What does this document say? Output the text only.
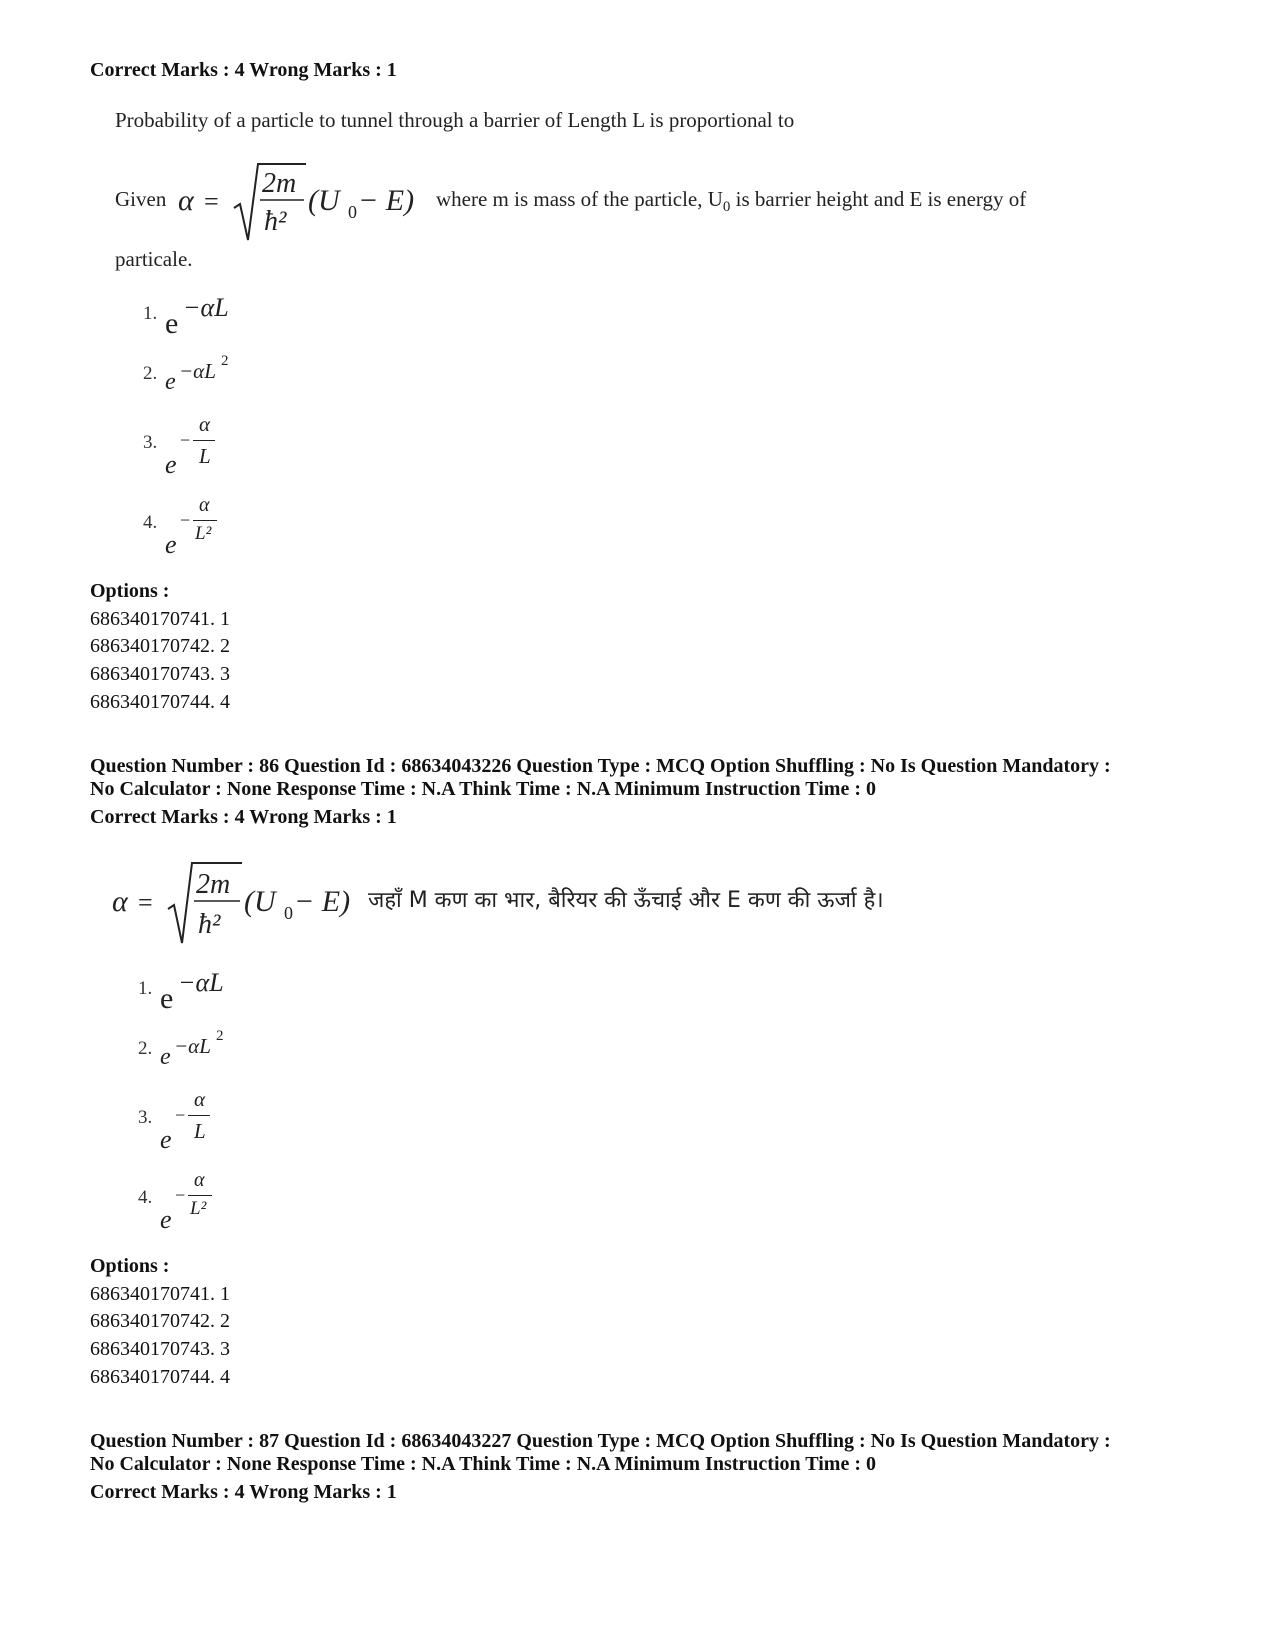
Correct Marks : 4 Wrong Marks : 1
Probability of a particle to tunnel through a barrier of Length L is proportional to
Given α =
2m
ħ²
(U 0 − E) where m is mass of the particle, $U_0$ is barrier height and E is energy of
particale.
1. e −αL
2. e −αL 2
3.
e
−
α
L
4.
e
−
α
L²
Options :
686340170741. 1
686340170742. 2
686340170743. 3
686340170744. 4
Question Number : 86 Question Id : 68634043226 Question Type : MCQ Option Shuffling : No Is Question Mandatory :
No Calculator : None Response Time : N.A Think Time : N.A Minimum Instruction Time : 0
Correct Marks : 4 Wrong Marks : 1
α =
2m
ħ²
(U 0 − E) जहाँ M कण का भार, बैरियर की ऊँचाई और E कण की ऊर्जा है।
1. e −αL
2. e −αL 2
3.
e
−
α
L
4.
e
−
α
L²
Options :
686340170741. 1
686340170742. 2
686340170743. 3
686340170744. 4
Question Number : 87 Question Id : 68634043227 Question Type : MCQ Option Shuffling : No Is Question Mandatory :
No Calculator : None Response Time : N.A Think Time : N.A Minimum Instruction Time : 0
Correct Marks : 4 Wrong Marks : 1
